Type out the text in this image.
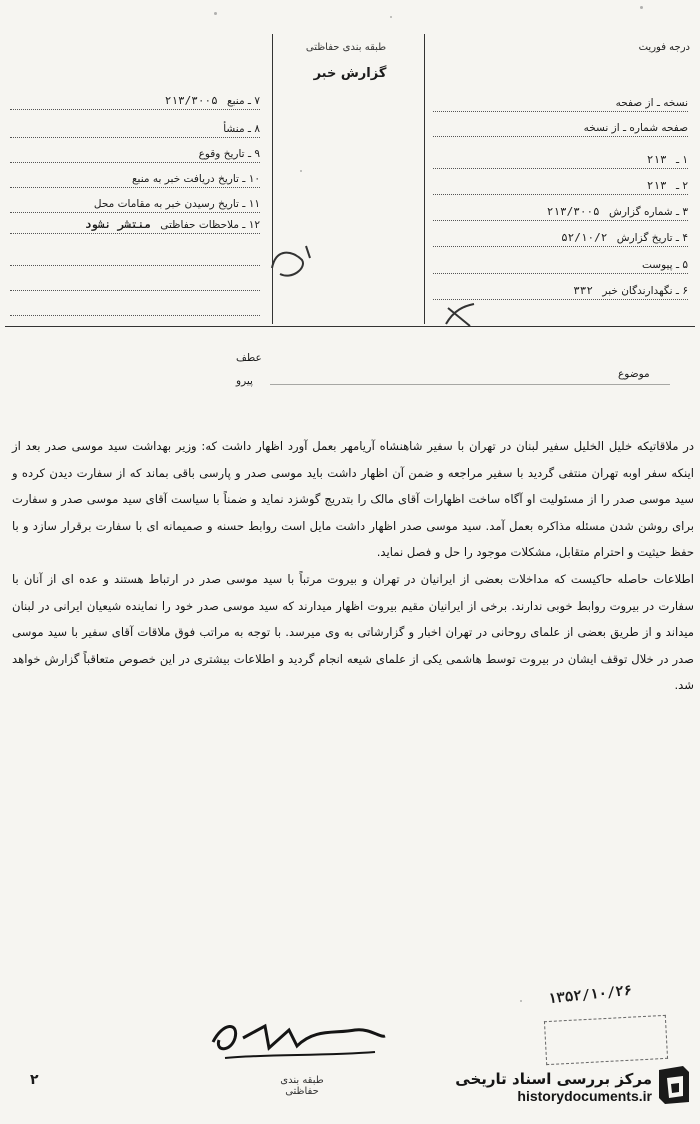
طبقه بندی حفاظتی
گزارش خبر
درجه فوریت
۷ ـ منبع ۲۱۳/۳۰۰۵
۸ ـ منشأ
۹ ـ تاریخ وقوع
۱۰ ـ تاریخ دریافت خبر به منبع
۱۱ ـ تاریخ رسیدن خبر به مقامات محل
۱۲ ـ ملاحظات حفاظتی منتشر نشود

نسخه ـ از صفحه
صفحه شماره ـ از نسخه
۱ ـ ۲۱۳
۲ ـ ۲۱۳
۳ ـ شماره گزارش ۲۱۳/۳۰۰۵
۴ ـ تاریخ گزارش ۵۲/۱۰/۲
۵ ـ پیوست
۶ ـ نگهدارندگان خبر ۳۳۲
موضوع
عطف
پیرو

در ملاقاتیکه خلیل الخلیل سفیر لبنان در تهران با سفیر شاهنشاه آریامهر بعمل آورد اظهار داشت که: وزیر بهداشت سید موسی صدر بعد از اینکه سفر اوبه تهران منتفی گردید با سفیر مراجعه و ضمن آن اظهار داشت باید موسی صدر و پارسی باقی بماند که از سفارت دیدن کرده و سید موسی صدر را از مسئولیت او آگاه ساخت اظهارات آقای مالک را بتدریج گوشزد نماید و ضمناً با سیاست آقای سید موسی صدر و سفارت برای روشن شدن مسئله مذاکره بعمل آمد. سید موسی صدر اظهار داشت مایل است روابط حسنه و صمیمانه ای با سفارت برقرار سازد و با حفظ حیثیت و احترام متقابل، مشکلات موجود را حل و فصل نماید.

اطلاعات حاصله حاکیست که مداخلات بعضی از ایرانیان در تهران و بیروت مرتباً با سید موسی صدر در ارتباط هستند و عده ای از آنان با سفارت در بیروت روابط خوبی ندارند. برخی از ایرانیان مقیم بیروت اظهار میدارند که سید موسی صدر خود را نماینده شیعیان ایرانی در لبنان میداند و از طریق بعضی از علمای روحانی در تهران اخبار و گزارشاتی به وی میرسد. با توجه به مراتب فوق ملاقات آقای سفیر با سید موسی صدر در خلال توقف ایشان در بیروت توسط هاشمی یکی از علمای شیعه انجام گردید و اطلاعات بیشتری در این خصوص متعاقباً گزارش خواهد شد.

طبقه بندی حفاظتی
۱۳۵۲/۱۰/۲۶
۲	مرکز بررسی اسناد تاریخی
historydocuments.ir
